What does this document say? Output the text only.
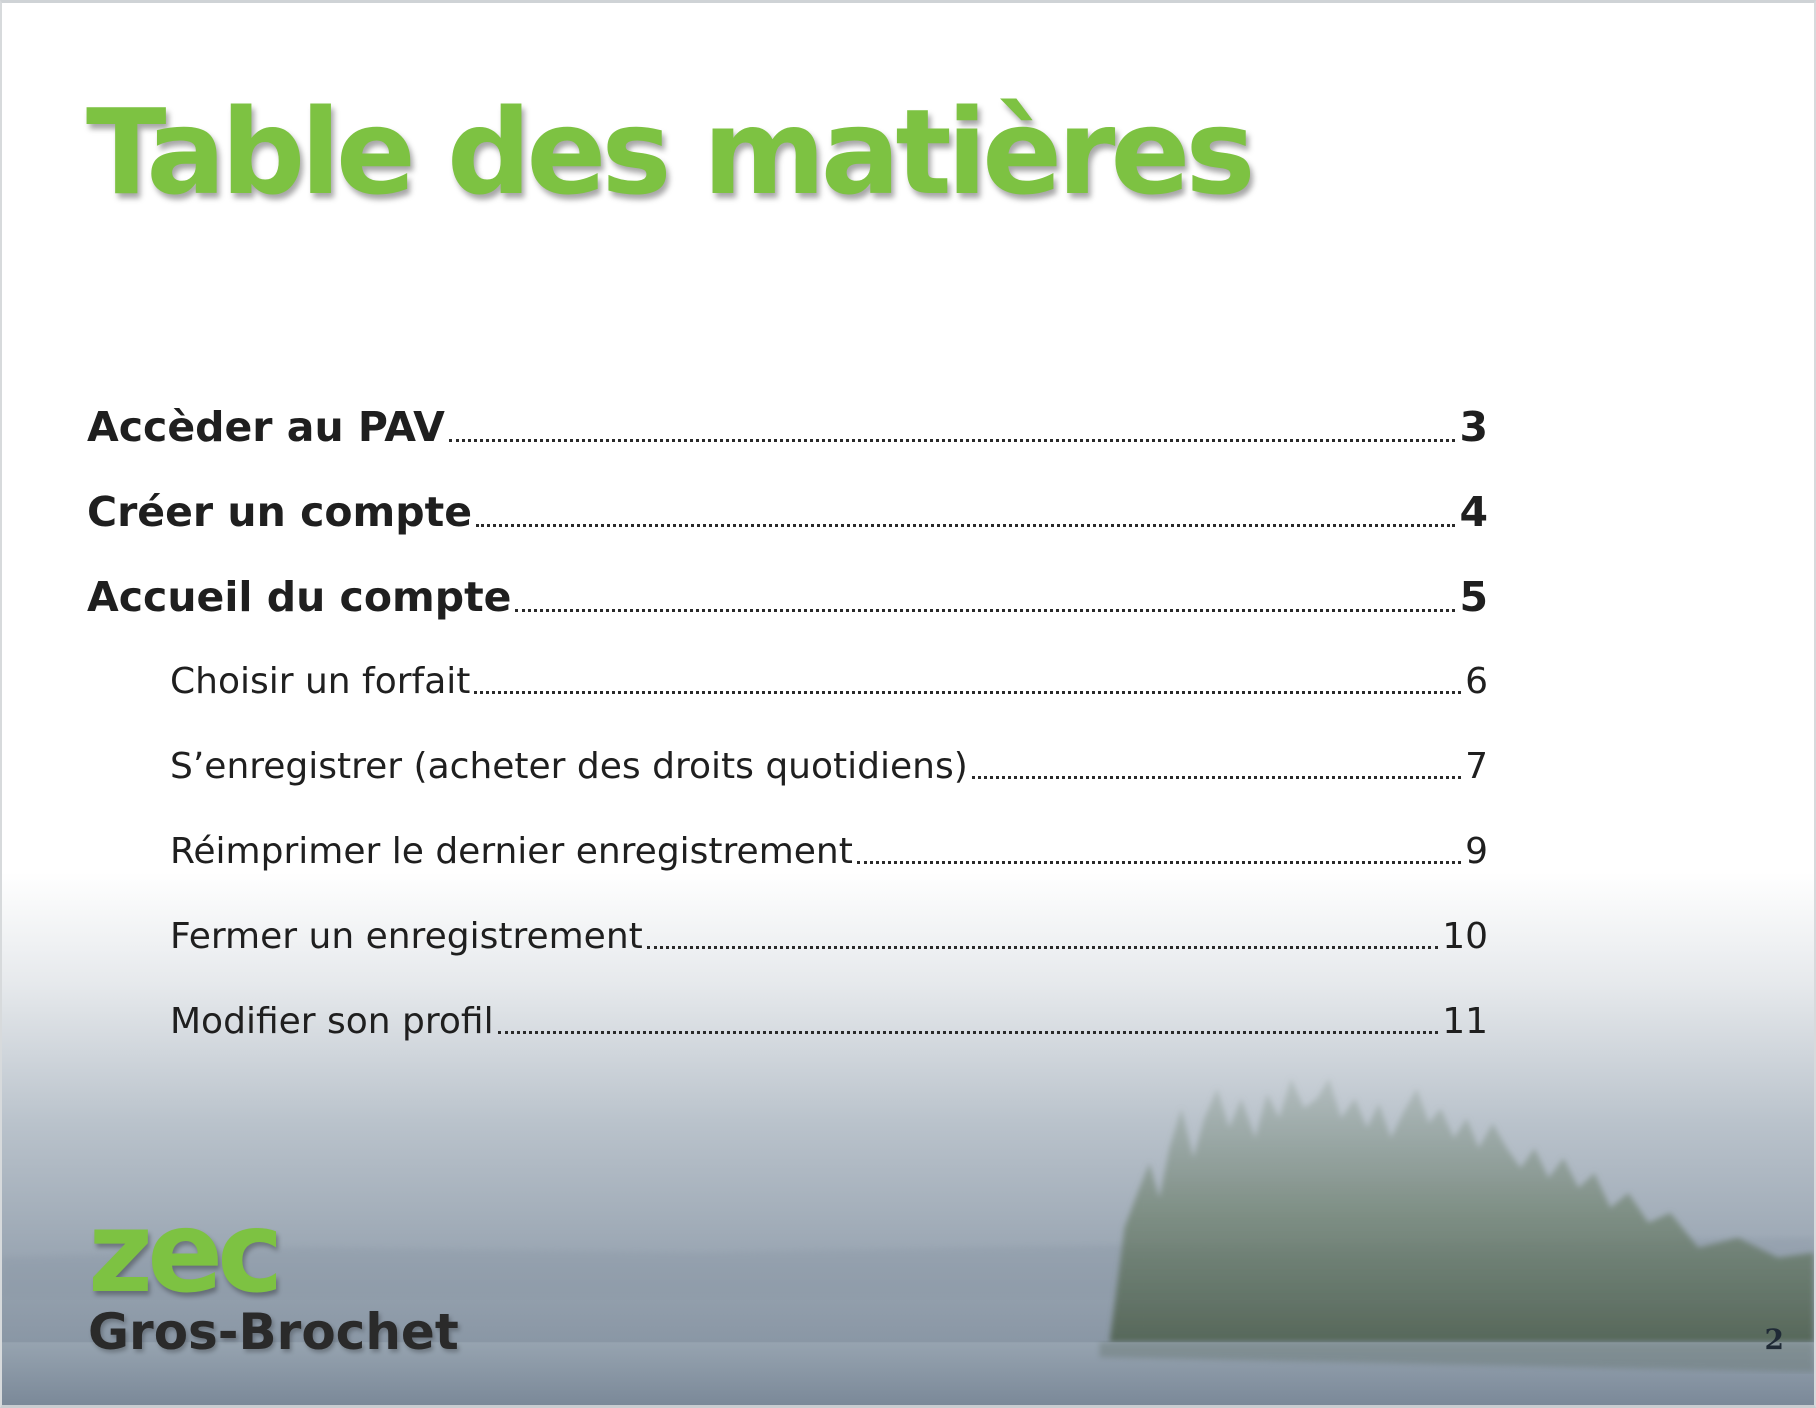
Table des matières
Accèder au PAV	3
Créer un compte	4
Accueil du compte	5
Choisir un forfait	6
S’enregistrer (acheter des droits quotidiens)	7
Réimprimer le dernier enregistrement	9
Fermer un enregistrement	10
Modifier son profil	11
zec
Gros-Brochet	2
